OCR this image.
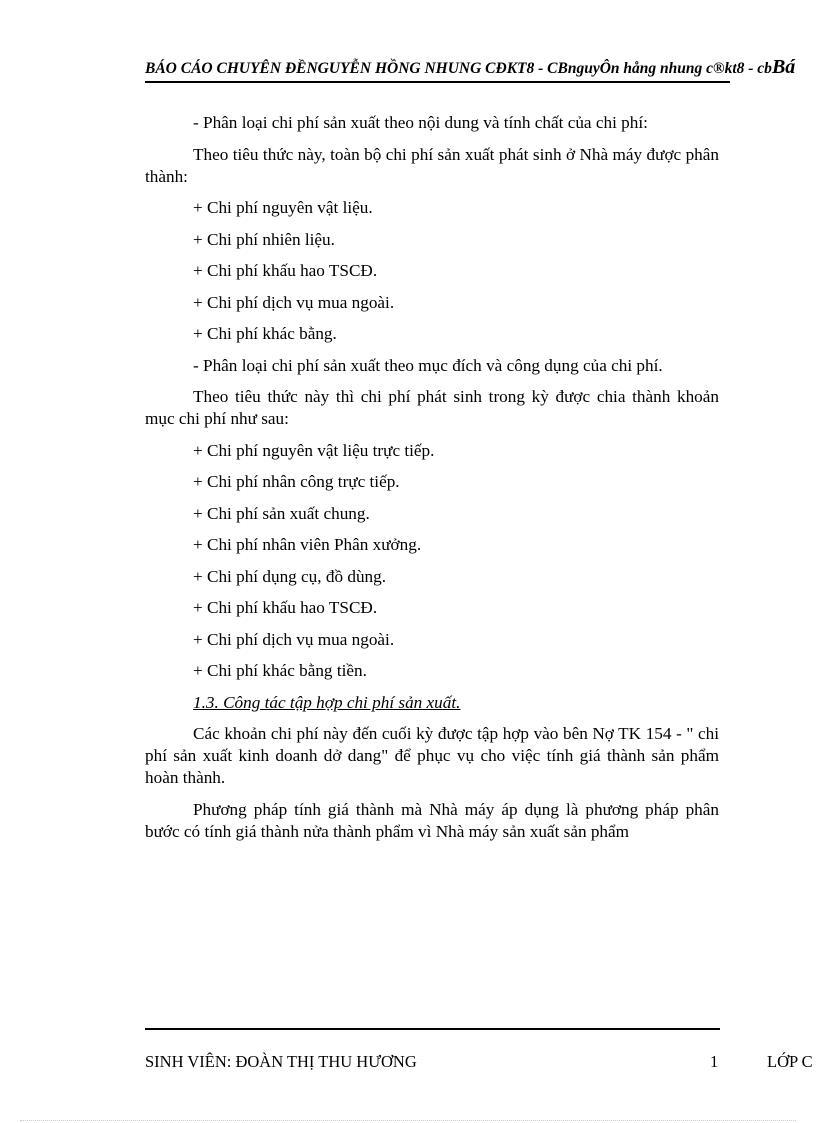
BÁO CÁO CHUYÊN ĐỀNGUYỄN HỒNG NHUNG CĐKT8 - CBnguyÔn hång nhung c®kt8 - cbBá
- Phân loại chi phí sản xuất theo nội dung và tính chất của chi phí:
Theo tiêu thức này, toàn bộ chi phí sản xuất phát sinh ở Nhà máy được phân thành:
+ Chi phí nguyên vật liệu.
+ Chi phí nhiên liệu.
+ Chi phí khấu hao TSCĐ.
+ Chi phí dịch vụ mua ngoài.
+ Chi phí khác bằng.
- Phân loại chi phí sản xuất theo mục đích và công dụng của chi phí.
Theo tiêu thức này thì chi phí phát sinh trong kỳ được chia thành khoản mục chi phí như sau:
+ Chi phí nguyên vật liệu trực tiếp.
+ Chi phí nhân công trực tiếp.
+ Chi phí sản xuất chung.
+ Chi phí nhân viên Phân xưởng.
+ Chi phí dụng cụ, đồ dùng.
+ Chi phí khấu hao TSCĐ.
+ Chi phí dịch vụ mua ngoài.
+ Chi phí khác bằng tiền.
1.3. Công tác tập hợp chi phí sản xuất.
Các khoản chi phí này đến cuối kỳ được tập hợp vào bên Nợ TK 154 - " chi phí sản xuất kinh doanh dở dang" để phục vụ cho việc tính giá thành sản phẩm hoàn thành.
Phương pháp tính giá thành mà Nhà máy áp dụng là phương pháp phân bước có tính giá thành nửa thành phẩm vì Nhà máy sản xuất sản phẩm
SINH VIÊN: ĐOÀN THỊ THU HƯƠNG	1	LỚP C
